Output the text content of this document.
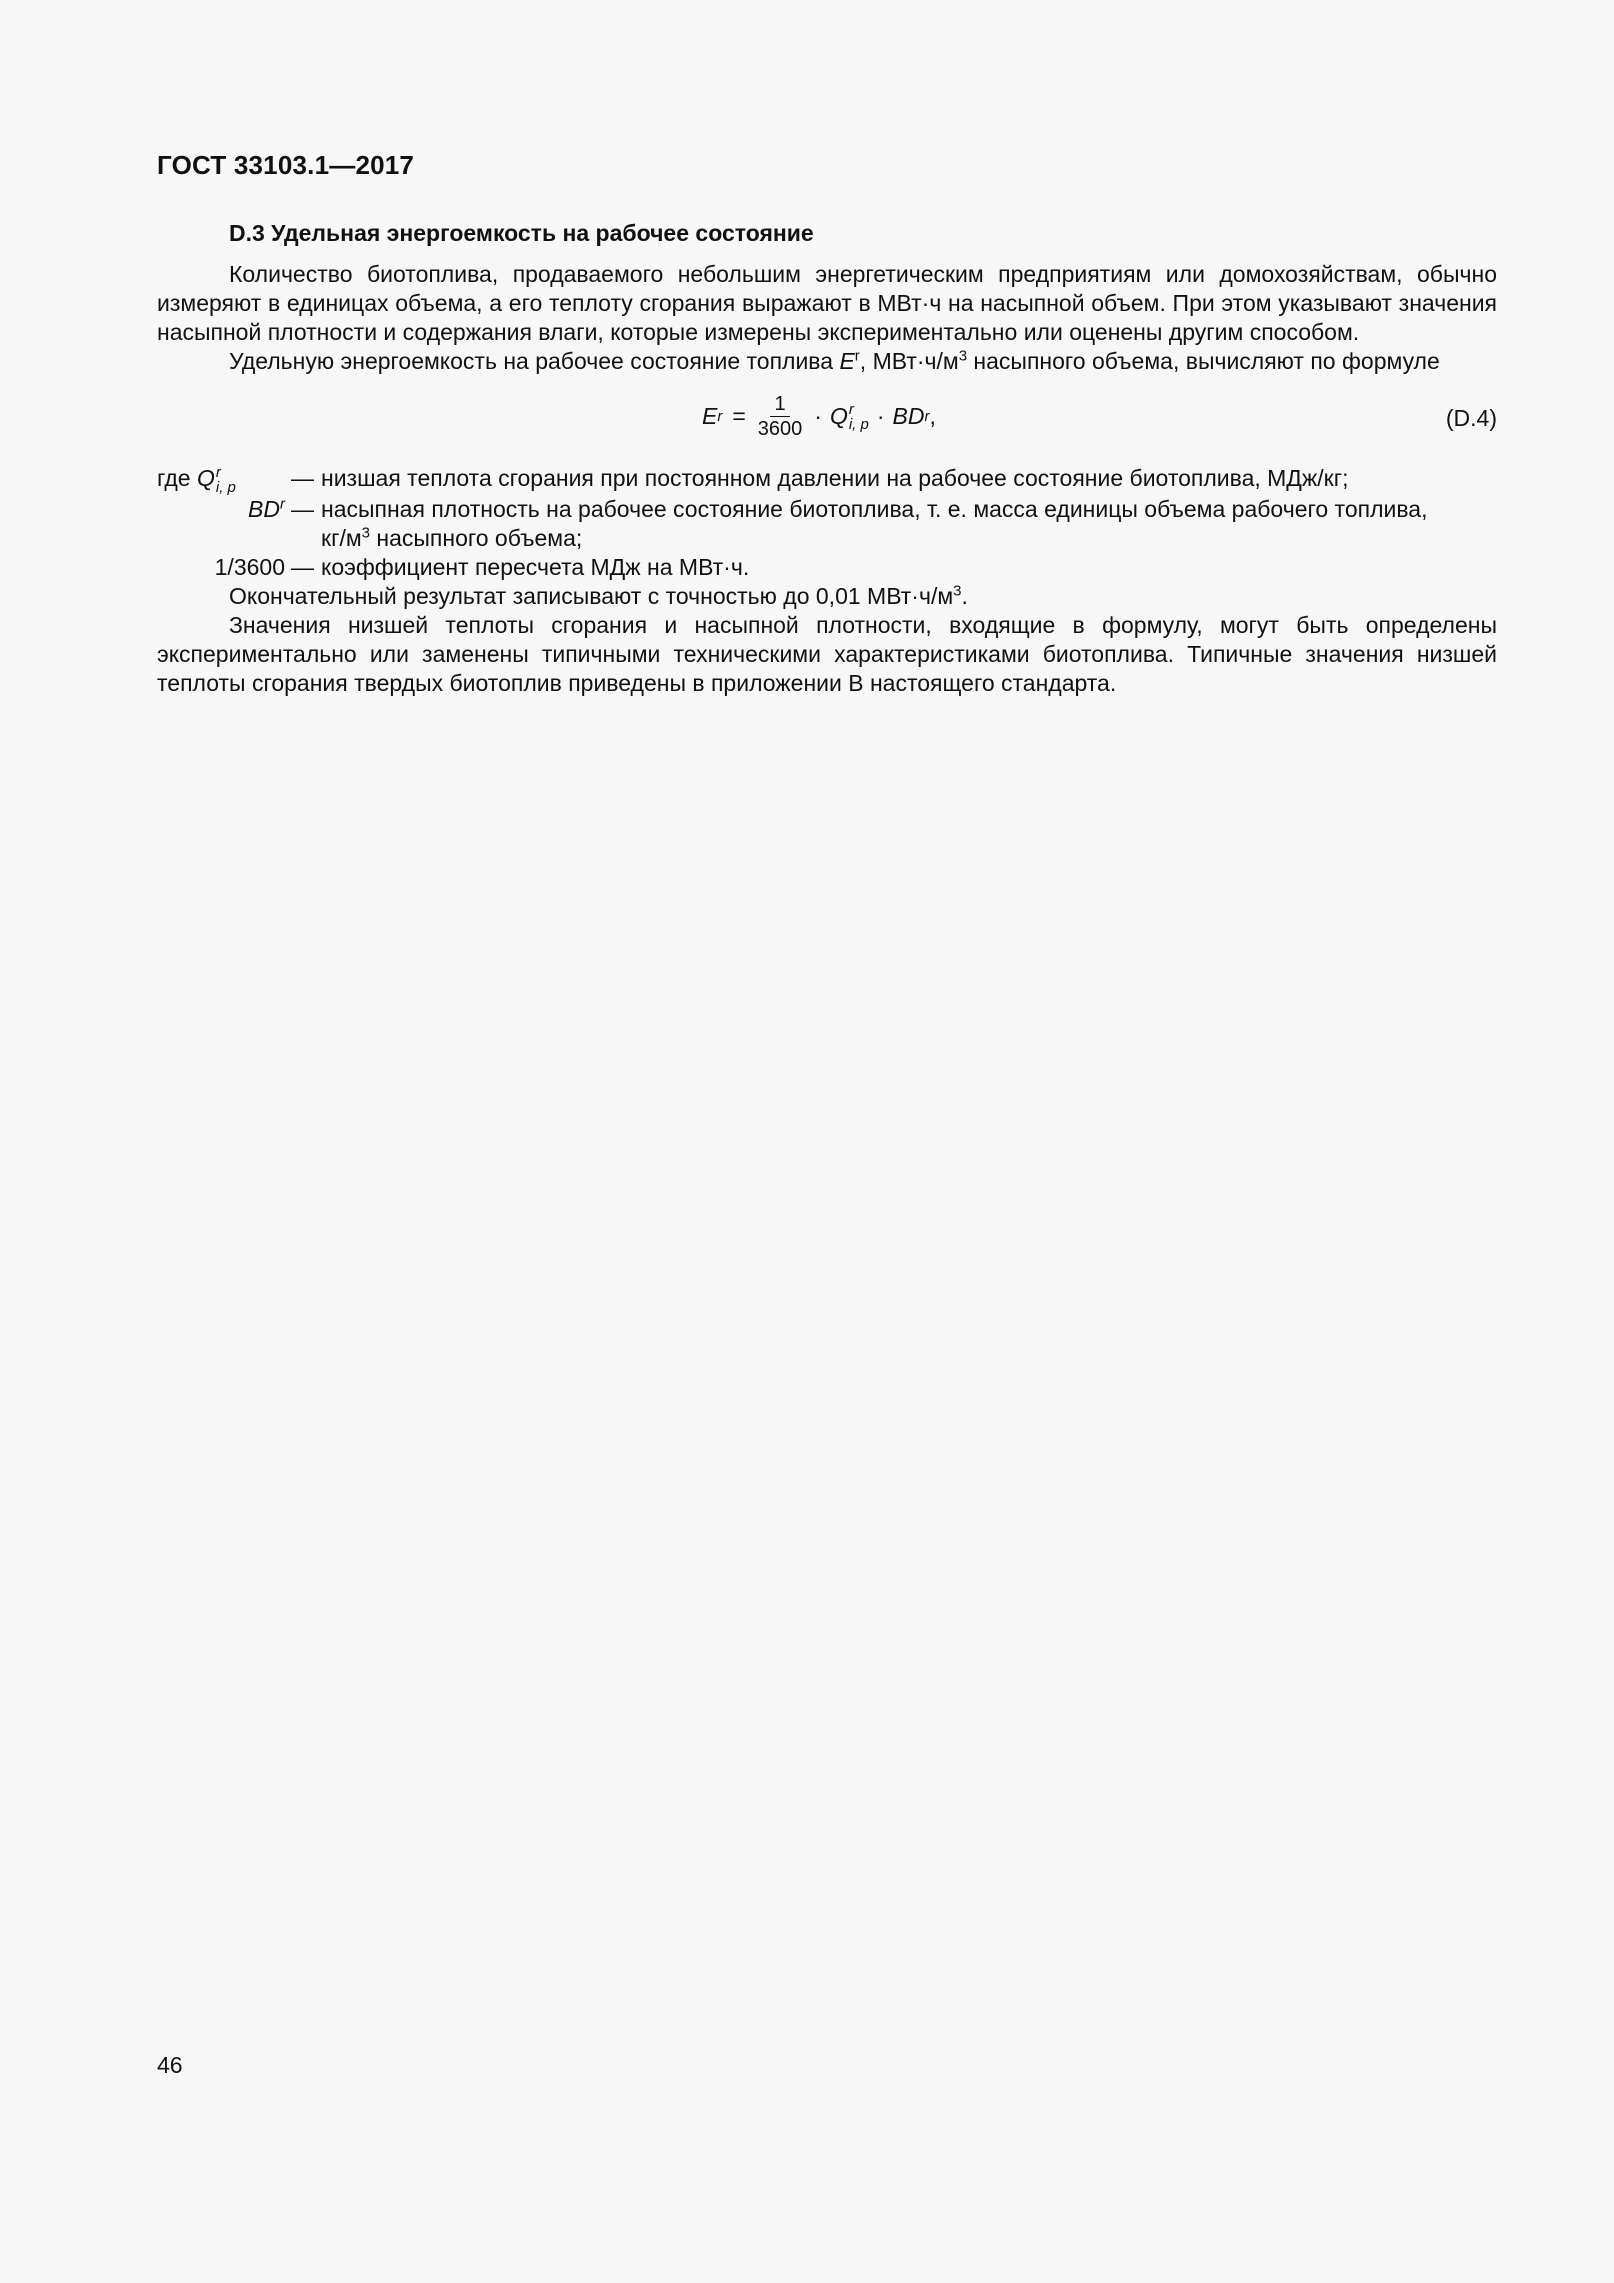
ГОСТ 33103.1—2017
D.3 Удельная энергоемкость на рабочее состояние

Количество биотоплива, продаваемого небольшим энергетическим предприятиям или домохозяйствам, обычно измеряют в единицах объема, а его теплоту сгорания выражают в МВт·ч на насыпной объем. При этом указывают значения насыпной плотности и содержания влаги, которые измерены экспериментально или оценены другим способом.

Удельную энергоемкость на рабочее состояние топлива $E^r$, $МВт\cdot ч/м^3$ насыпного объема, вычисляют по формуле

E $r = \frac{1}{3600} \cdot Q$ r
i, p · BD r ,	(D.4)
где Q r
i, p — низшая теплота сгорания при постоянном давлении на рабочее состояние биотоплива, МДж/кг;
$BD^r$ — насыпная плотность на рабочее состояние биотоплива, т. е. масса единицы объема рабочего топлива,
$кг/м^3$ насыпного объема;
1/3600 — коэффициент пересчета МДж на МВт·ч.

Окончательный результат записывают с точностью до 0,01 $МВт\cdot ч/м^3$.

Значения низшей теплоты сгорания и насыпной плотности, входящие в формулу, могут быть определены экспериментально или заменены типичными техническими характеристиками биотоплива. Типичные значения низшей теплоты сгорания твердых биотоплив приведены в приложении В настоящего стандарта.

46
